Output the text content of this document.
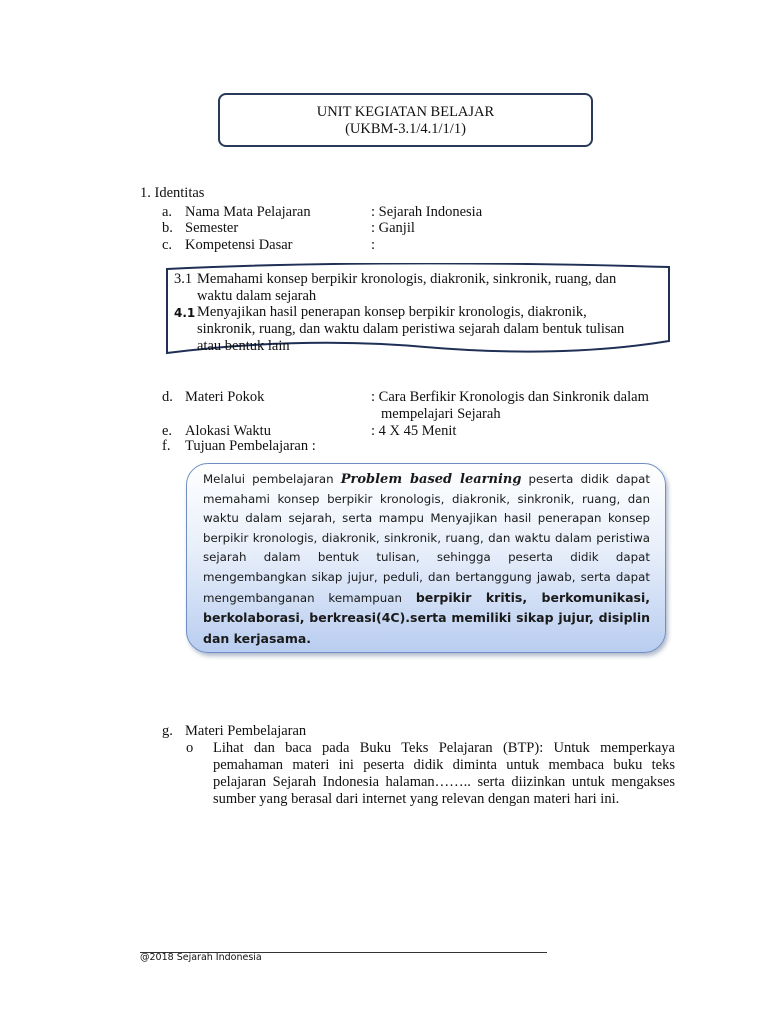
UNIT KEGIATAN BELAJAR
(UKBM-3.1/4.1/1/1)
1. Identitas
a. Nama Mata Pelajaran	: Sejarah Indonesia
b. Semester	: Ganjil
c. Kompetensi Dasar	:
3.1 Memahami konsep berpikir kronologis, diakronik, sinkronik, ruang, dan
waktu dalam sejarah
4.1 Menyajikan hasil penerapan konsep berpikir kronologis, diakronik,
sinkronik, ruang, dan waktu dalam peristiwa sejarah dalam bentuk tulisan
atau bentuk lain
d. Materi Pokok	: Cara Berfikir Kronologis dan Sinkronik dalam
mempelajari Sejarah
e. Alokasi Waktu	: 4 X 45 Menit
f. Tujuan Pembelajaran :
Melalui pembelajaran Problem based learning peserta didik dapat memahami konsep berpikir kronologis, diakronik, sinkronik, ruang, dan waktu dalam sejarah, serta mampu Menyajikan hasil penerapan konsep berpikir kronologis, diakronik, sinkronik, ruang, dan waktu dalam peristiwa sejarah dalam bentuk tulisan, sehingga peserta didik dapat mengembangkan sikap jujur, peduli, dan bertanggung jawab, serta dapat mengembanganan kemampuan berpikir kritis, berkomunikasi, berkolaborasi, berkreasi(4C).serta memiliki sikap jujur, disiplin dan kerjasama.
g. Materi Pembelajaran
o Lihat dan baca pada Buku Teks Pelajaran (BTP): Untuk memperkaya pemahaman materi ini peserta didik diminta untuk membaca buku teks pelajaran Sejarah Indonesia halaman…….. serta diizinkan untuk mengakses sumber yang berasal dari internet yang relevan dengan materi hari ini.
@2018 Sejarah Indonesia
